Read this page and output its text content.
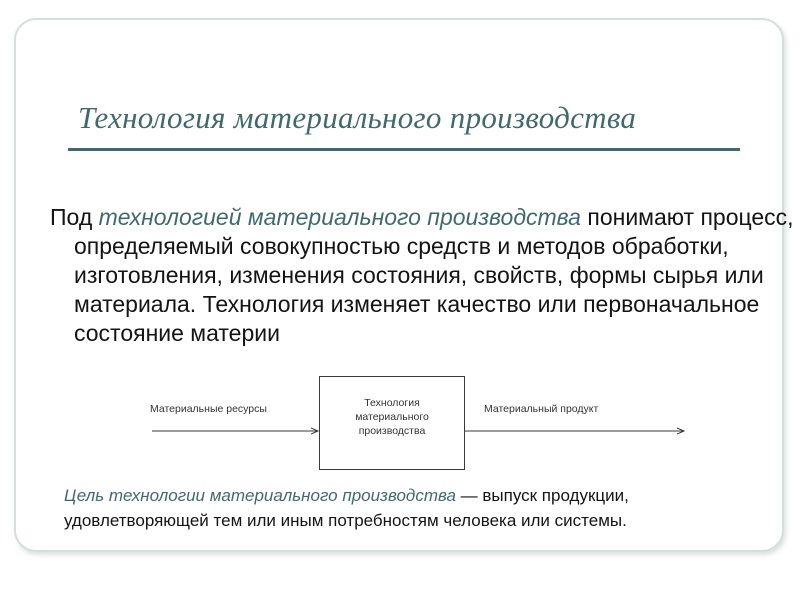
Технология материального производства
Под технологией материального производства понимают процесс, определяемый совокупностью средств и методов обработки, изготовления, изменения состояния, свойств, формы сырья или материала. Технология изменяет качество или первоначальное состояние материи
Материальные ресурсы	Технология
материального
производства
Материальный продукт
Цель технологии материального производства — выпуск продукции, удовлетворяющей тем или иным потребностям человека или системы.
